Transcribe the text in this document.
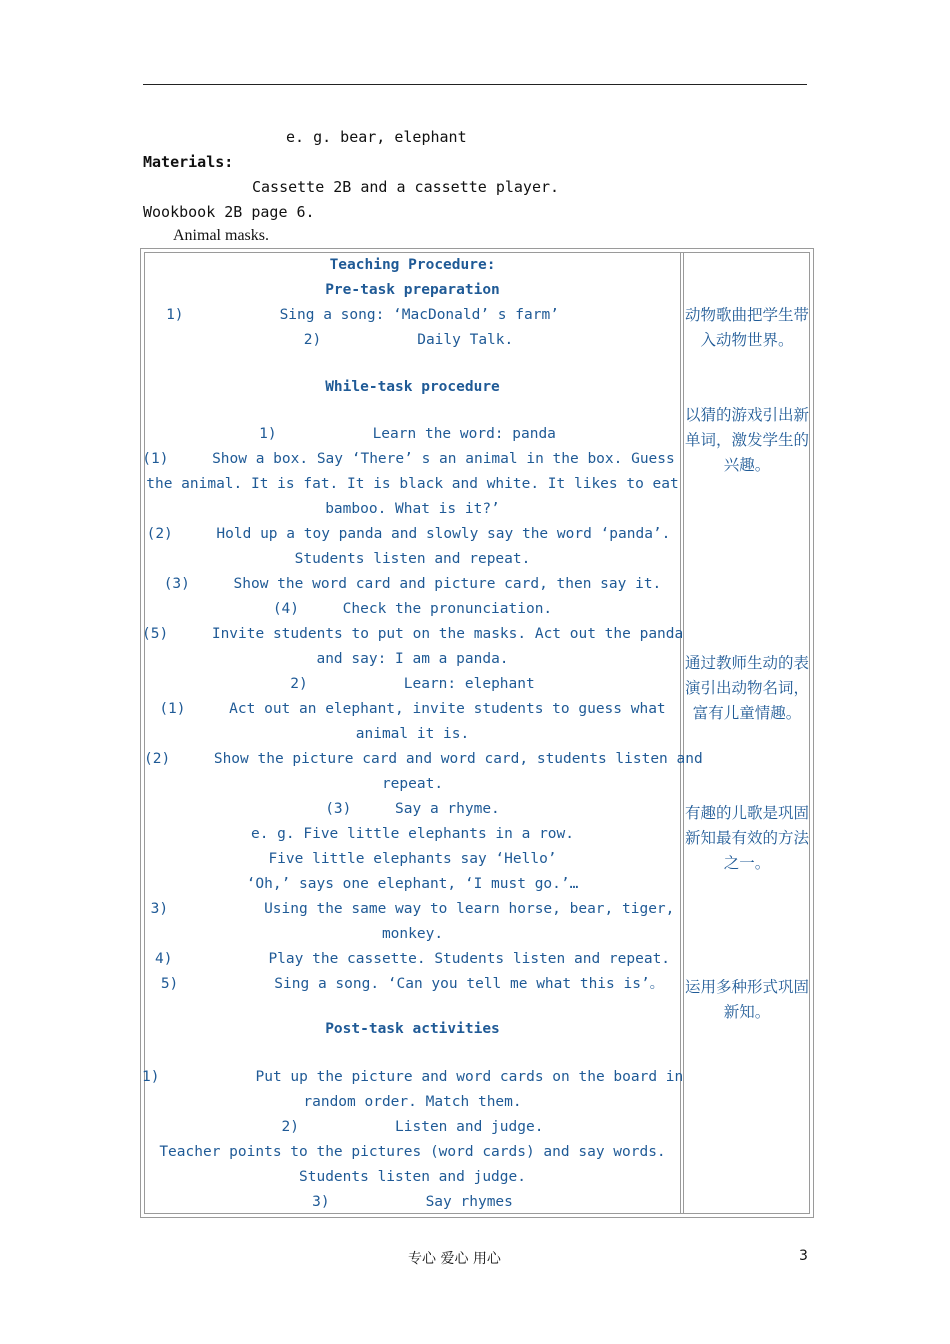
e. g. bear, elephant
Materials:
Cassette 2B and a cassette player.
Wookbook 2B page 6.
Animal masks.
Teaching Procedure:
Pre-task preparation
1)           Sing a song: ‘MacDonald’ s farm’
2)           Daily Talk.
While-task procedure
1)           Learn the word: panda
(1)     Show a box. Say ‘There’ s an animal in the box. Guess
the animal. It is fat. It is black and white. It likes to eat
bamboo. What is it?’
(2)     Hold up a toy panda and slowly say the word ‘panda’.
Students listen and repeat.
(3)     Show the word card and picture card, then say it.
(4)     Check the pronunciation.
(5)     Invite students to put on the masks. Act out the panda
and say: I am a panda.
2)           Learn: elephant
(1)     Act out an elephant, invite students to guess what
animal it is.
(2)     Show the picture card and word card, students listen and
repeat.
(3)     Say a rhyme.
e. g. Five little elephants in a row.
Five little elephants say ‘Hello’
‘Oh,’ says one elephant, ‘I must go.’…
3)           Using the same way to learn horse, bear, tiger,
monkey.
4)           Play the cassette. Students listen and repeat.
5)           Sing a song. ‘Can you tell me what this is’。
Post-task activities
1)           Put up the picture and word cards on the board in
random order. Match them.
2)           Listen and judge.
Teacher points to the pictures (word cards) and say words.
Students listen and judge.
3)           Say rhymes
动物歌曲把学生带入动物世界。
以猜的游戏引出新单词，激发学生的兴趣。
通过教师生动的表演引出动物名词，富有儿童情趣。
有趣的儿歌是巩固新知最有效的方法之一。
运用多种形式巩固新知。
专心 爱心 用心	3
